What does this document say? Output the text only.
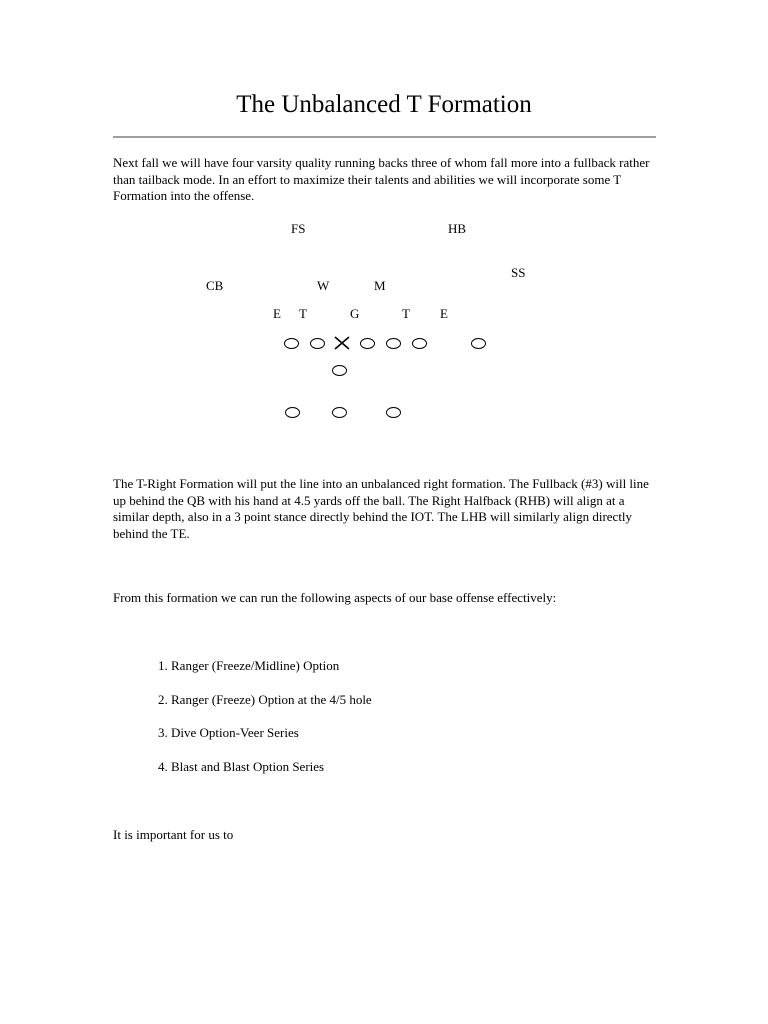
The Unbalanced T Formation

Next fall we will have four varsity quality running backs three of whom fall more into a fullback rather than tailback mode. In an effort to maximize their talents and abilities we will incorporate some T Formation into the offense.

FS	HB
SS
CB	W	M
E T	G	T E

The T-Right Formation will put the line into an unbalanced right formation. The Fullback (#3) will line up behind the QB with his hand at 4.5 yards off the ball. The Right Halfback (RHB) will align at a similar depth, also in a 3 point stance directly behind the IOT. The LHB will similarly align directly behind the TE.

From this formation we can run the following aspects of our base offense effectively:

1. Ranger (Freeze/Midline) Option
2. Ranger (Freeze) Option at the 4/5 hole
3. Dive Option-Veer Series
4. Blast and Blast Option Series

It is important for us to
